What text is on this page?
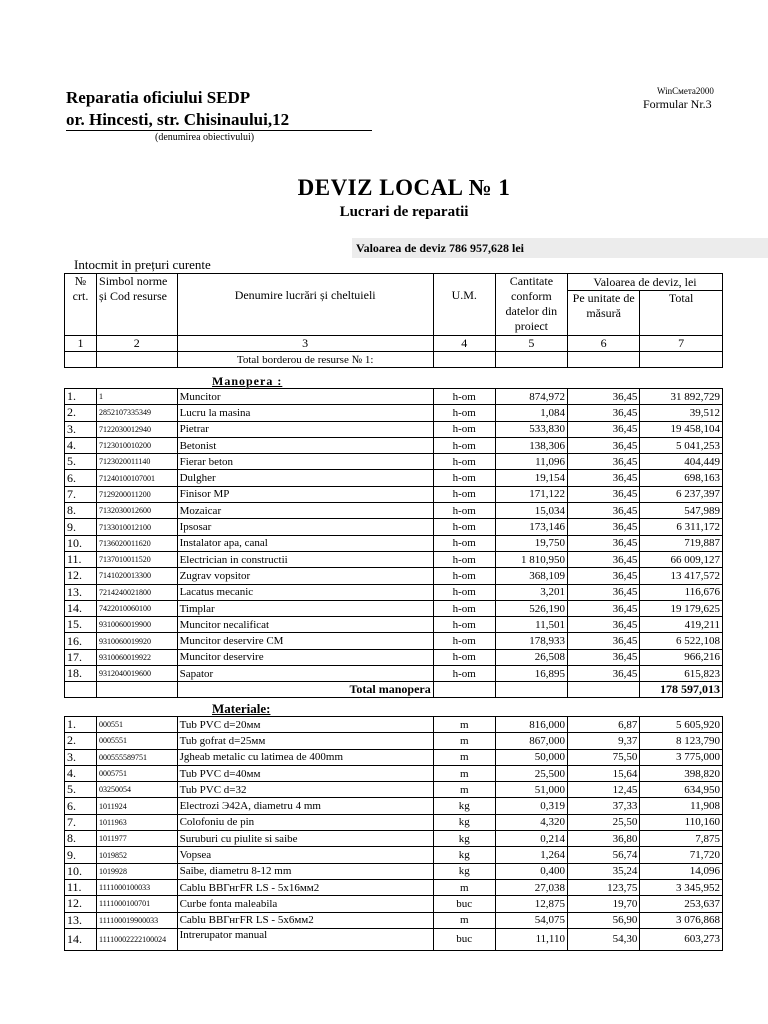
Reparatia oficiului SEDP
or. Hincesti, str. Chisinaului,12
(denumirea obiectivului)
WinСмета2000
Formular Nr.3
DEVIZ LOCAL № 1
Lucrari de reparatii
Valoarea de deviz 786 957,628 lei
Intocmit in prețuri curente
№ crt.	Simbol norme și Cod resurse	Denumire lucrări și cheltuieli	U.M.	Cantitate conform datelor din proiect	Valoarea de deviz, lei	
					Pe unitate de măsură	Total
1	2	3	4	5	6	7
		Total borderou de resurse № 1:				
Manopera :
1.	1	Muncitor	h-om	874,972	36,45	31 892,729
2.	2852107335349	Lucru la masina	h-om	1,084	36,45	39,512
3.	7122030012940	Pietrar	h-om	533,830	36,45	19 458,104
4.	7123010010200	Betonist	h-om	138,306	36,45	5 041,253
5.	7123020011140	Fierar beton	h-om	11,096	36,45	404,449
6.	71240100107001	Dulgher	h-om	19,154	36,45	698,163
7.	7129200011200	Finisor MP	h-om	171,122	36,45	6 237,397
8.	7132030012600	Mozaicar	h-om	15,034	36,45	547,989
9.	7133010012100	Ipsosar	h-om	173,146	36,45	6 311,172
10.	7136020011620	Instalator apa, canal	h-om	19,750	36,45	719,887
11.	7137010011520	Electrician in constructii	h-om	1 810,950	36,45	66 009,127
12.	7141020013300	Zugrav vopsitor	h-om	368,109	36,45	13 417,572
13.	7214240021800	Lacatus mecanic	h-om	3,201	36,45	116,676
14.	7422010060100	Timplar	h-om	526,190	36,45	19 179,625
15.	9310060019900	Muncitor necalificat	h-om	11,501	36,45	419,211
16.	9310060019920	Muncitor deservire CM	h-om	178,933	36,45	6 522,108
17.	9310060019922	Muncitor deservire	h-om	26,508	36,45	966,216
18.	9312040019600	Sapator	h-om	16,895	36,45	615,823
		Total manopera				178 597,013
Materiale:
1.	000551	Tub PVC d=20мм	m	816,000	6,87	5 605,920
2.	0005551	Tub gofrat d=25мм	m	867,000	9,37	8 123,790
3.	000555589751	Jgheab metalic cu latimea de 400mm	m	50,000	75,50	3 775,000
4.	0005751	Tub PVC d=40мм	m	25,500	15,64	398,820
5.	03250054	Tub PVC d=32	m	51,000	12,45	634,950
6.	1011924	Electrozi Э42А, diametru 4 mm	kg	0,319	37,33	11,908
7.	1011963	Colofoniu de pin	kg	4,320	25,50	110,160
8.	1011977	Suruburi cu piulite si saibe	kg	0,214	36,80	7,875
9.	1019852	Vopsea	kg	1,264	56,74	71,720
10.	1019928	Saibe, diametru 8-12 mm	kg	0,400	35,24	14,096
11.	1111000100033	Cablu ВВГнгFR LS - 5x16мм2	m	27,038	123,75	3 345,952
12.	1111000100701	Curbe fonta maleabila	buc	12,875	19,70	253,637
13.	111100019900033	Cablu ВВГнгFR LS - 5x6мм2	m	54,075	56,90	3 076,868
14.	11110002222100024	Intrerupator manual	buc	11,110	54,30	603,273
